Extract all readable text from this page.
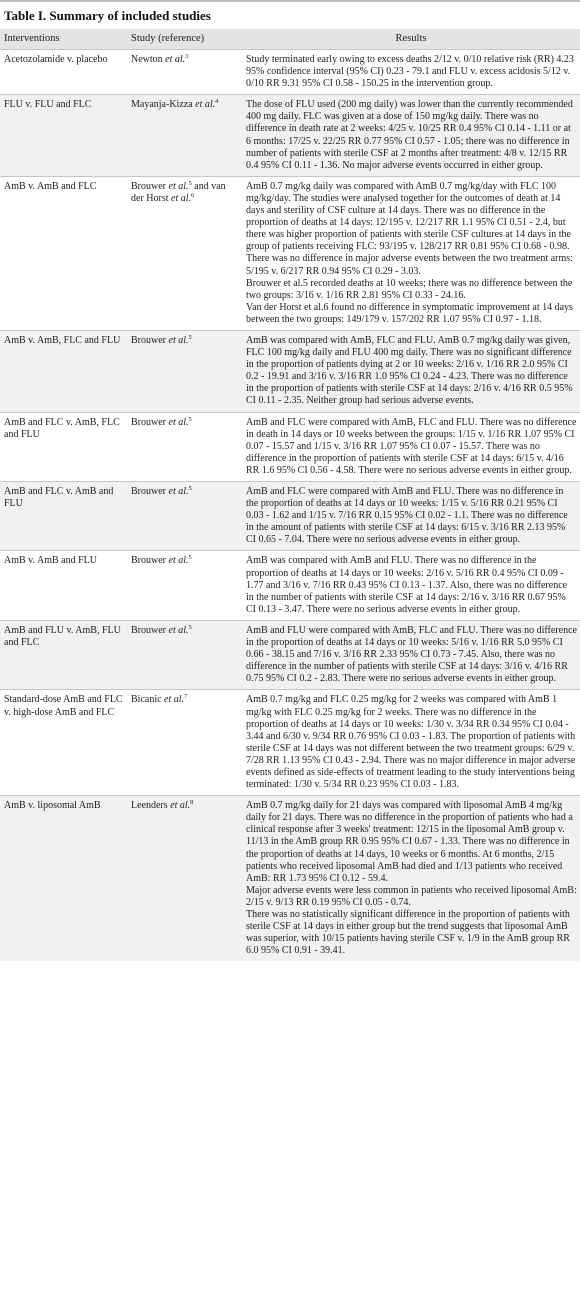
Table I. Summary of included studies
Interventions	Study (reference)	Results
Acetozolamide v. placebo	Newton et al.$^3$	Study terminated early owing to excess deaths 2/12 v. 0/10 relative risk (RR) 4.23 95% confidence interval (95% CI) 0.23 - 79.1 and FLU v. excess acidosis 5/12 v. 0/10 RR 9.31 95% CI 0.58 - 150.25 in the intervention group.

FLU v. FLU and FLC	Mayanja-Kizza et al.$^4$	The dose of FLU used (200 mg daily) was lower than the currently recommended 400 mg daily. FLC was given at a dose of 150 mg/kg daily. There was no difference in death rate at 2 weeks: 4/25 v. 10/25 RR 0.4 95% CI 0.14 - 1.11 or at 6 months: 17/25 v. 22/25 RR 0.77 95% CI 0.57 - 1.05; there was no difference in number of patients with sterile CSF at 2 months after treatment: 4/8 v. 12/15 RR 0.4 95% CI 0.11 - 1.36. No major adverse events occurred in either group.

AmB v. AmB and FLC	Brouwer et al.$^5$ and van der Horst et al.$^6$	AmB 0.7 mg/kg daily was compared with AmB 0.7 mg/kg/day with FLC 100 mg/kg/day. The studies were analysed together for the outcomes of death at 14 days and sterility of CSF culture at 14 days. There was no difference in the proportion of deaths at 14 days: 12/195 v. 12/217 RR 1.1 95% CI 0.51 - 2.4, but there was higher proportion of patients with sterile CSF cultures at 14 days in the group of patients receiving FLC: 93/195 v. 128/217 RR 0.81 95% CI 0.68 - 0.98. There was no difference in major adverse events between the two treatment arms: 5/195 v. 6/217 RR 0.94 95% CI 0.29 - 3.03.
Brouwer et al.5 recorded deaths at 10 weeks; there was no difference between the two groups: 3/16 v. 1/16 RR 2.81 95% CI 0.33 - 24.16.
Van der Horst et al.6 found no difference in symptomatic improvement at 14 days between the two groups: 149/179 v. 157/202 RR 1.07 95% CI 0.97 - 1.18.

AmB v. AmB, FLC and FLU	Brouwer et al.$^5$	AmB was compared with AmB, FLC and FLU. AmB 0.7 mg/kg daily was given, FLC 100 mg/kg daily and FLU 400 mg daily. There was no significant difference in the proportion of patients dying at 2 or 10 weeks: 2/16 v. 1/16 RR 2.0 95% CI 0.2 - 19.91 and 3/16 v. 3/16 RR 1.0 95% CI 0.24 - 4.23. There was no difference in the proportion of patients with sterile CSF at 14 days: 2/16 v. 4/16 RR 0.5 95% CI 0.11 - 2.35. Neither group had serious adverse events.

AmB and FLC v. AmB, FLC and FLU	Brouwer et al.$^5$	AmB and FLC were compared with AmB, FLC and FLU. There was no difference in death in 14 days or 10 weeks between the groups: 1/15 v. 1/16 RR 1.07 95% CI 0.07 - 15.57 and 1/15 v. 3/16 RR 1.07 95% CI 0.07 - 15.57. There was no difference in the proportion of patients with sterile CSF at 14 days: 6/15 v. 4/16 RR 1.6 95% CI 0.56 - 4.58. There were no serious adverse events in either group.

AmB and FLC v. AmB and FLU	Brouwer et al.$^5$	AmB and FLC were compared with AmB and FLU. There was no difference in the proportion of deaths at 14 days or 10 weeks: 1/15 v. 5/16 RR 0.21 95% CI 0.03 - 1.62 and 1/15 v. 7/16 RR 0.15 95% CI 0.02 - 1.1. There was no difference in the amount of patients with sterile CSF at 14 days: 6/15 v. 3/16 RR 2.13 95% CI 0.65 - 7.04. There were no serious adverse events in either group.

AmB v. AmB and FLU	Brouwer et al.$^5$	AmB was compared with AmB and FLU. There was no difference in the proportion of deaths at 14 days or 10 weeks: 2/16 v. 5/16 RR 0.4 95% CI 0.09 - 1.77 and 3/16 v. 7/16 RR 0.43 95% CI 0.13 - 1.37. Also, there was no difference in the number of patients with sterile CSF at 14 days: 2/16 v. 3/16 RR 0.67 95% CI 0.13 - 3.47. There were no serious adverse events in either group.

AmB and FLU v. AmB, FLU and FLC	Brouwer et al.$^5$	AmB and FLU were compared with AmB, FLC and FLU. There was no difference in the proportion of deaths at 14 days or 10 weeks: 5/16 v. 1/16 RR 5.0 95% CI 0.66 - 38.15 and 7/16 v. 3/16 RR 2.33 95% CI 0.73 - 7.45. Also, there was no difference in the number of patients with sterile CSF at 14 days: 3/16 v. 4/16 RR 0.75 95% CI 0.2 - 2.83. There were no serious adverse events in either group.

Standard-dose AmB and FLC v. high-dose AmB and FLC	Bicanic et al.$^7$	AmB 0.7 mg/kg and FLC 0.25 mg/kg for 2 weeks was compared with AmB 1 mg/kg with FLC 0.25 mg/kg for 2 weeks. There was no difference in the proportion of deaths at 14 days or 10 weeks: 1/30 v. 3/34 RR 0.34 95% CI 0.04 - 3.44 and 6/30 v. 9/34 RR 0.76 95% CI 0.03 - 1.83. The proportion of patients with sterile CSF at 14 days was not different between the two treatment groups: 6/29 v. 7/28 RR 1.13 95% CI 0.43 - 2.94. There was no major difference in major adverse events defined as side-effects of treatment leading to the study interventions being terminated: 1/30 v. 5/34 RR 0.23 95% CI 0.03 - 1.83.

AmB v. liposomal AmB	Leenders et al.$^8$	AmB 0.7 mg/kg daily for 21 days was compared with liposomal AmB 4 mg/kg daily for 21 days. There was no difference in the proportion of patients who had a clinical response after 3 weeks' treatment: 12/15 in the liposomal AmB group v. 11/13 in the AmB group RR 0.95 95% CI 0.67 - 1.33. There was no difference in the proportion of deaths at 14 days, 10 weeks or 6 months. At 6 months, 2/15 patients who received liposomal AmB had died and 1/13 patients who received AmB: RR 1.73 95% CI 0.12 - 59.4.
Major adverse events were less common in patients who received liposomal AmB: 2/15 v. 9/13 RR 0.19 95% CI 0.05 - 0.74.
There was no statistically significant difference in the proportion of patients with sterile CSF at 14 days in either group but the trend suggests that liposomal AmB was superior, with 10/15 patients having sterile CSF v. 1/9 in the AmB group RR 6.0 95% CI 0.91 - 39.41.
